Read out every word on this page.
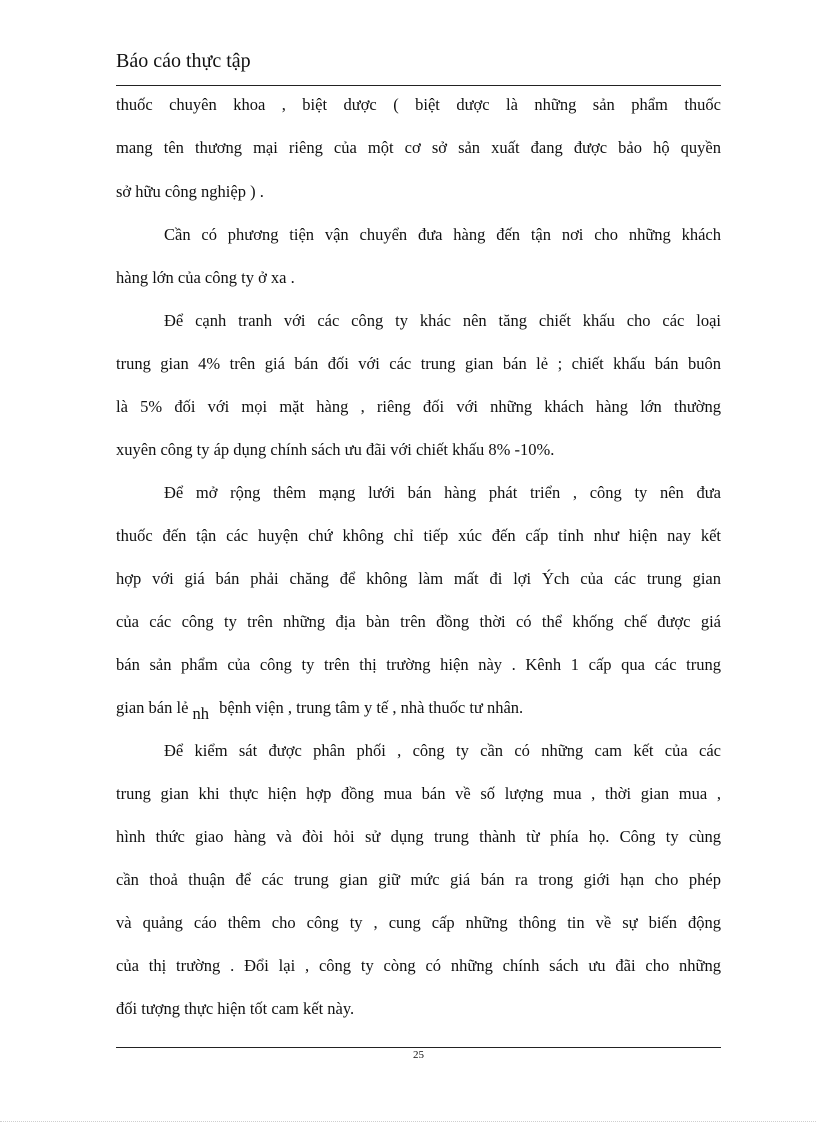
Báo cáo thực tập
thuốc chuyên khoa , biệt dược ( biệt dược là những sản phẩm thuốc
mang tên thương mại riêng của một cơ sở sản xuất đang được bảo hộ quyền
sở hữu công nghiệp ) .
Cần có phương tiện vận chuyển đưa hàng đến tận nơi cho những khách
hàng lớn của công ty ở xa .
Để cạnh tranh với các công ty khác nên tăng chiết khấu cho các loại
trung gian 4% trên giá bán đối với các trung gian bán lẻ ; chiết khấu bán buôn
là 5% đối với mọi mặt hàng , riêng đối với những khách hàng lớn thường
xuyên công ty áp dụng chính sách ưu đãi với chiết khấu 8% -10%.
Để mở rộng thêm mạng lưới bán hàng phát triển , công ty nên đưa
thuốc đến tận các huyện chứ không chỉ tiếp xúc đến cấp tỉnh như hiện nay kết
hợp với giá bán phải chăng để không làm mất đi lợi Ých của các trung gian
của các công ty trên những địa bàn trên đồng thời có thể khống chế được giá
bán sản phẩm của công ty trên thị trường hiện này . Kênh 1 cấp qua các trung
gian bán lẻ nh bệnh viện , trung tâm y tế , nhà thuốc tư nhân.
Để kiểm sát được phân phối , công ty cần có những cam kết của các
trung gian khi thực hiện hợp đồng mua bán về số lượng mua , thời gian mua ,
hình thức giao hàng và đòi hỏi sử dụng trung thành từ phía họ. Công ty cùng
cần thoả thuận để các trung gian giữ mức giá bán ra trong giới hạn cho phép
và quảng cáo thêm cho công ty , cung cấp những thông tin về sự biến động
của thị trường . Đổi lại , công ty còng có những chính sách ưu đãi cho những
đối tượng thực hiện tốt cam kết này.
25
